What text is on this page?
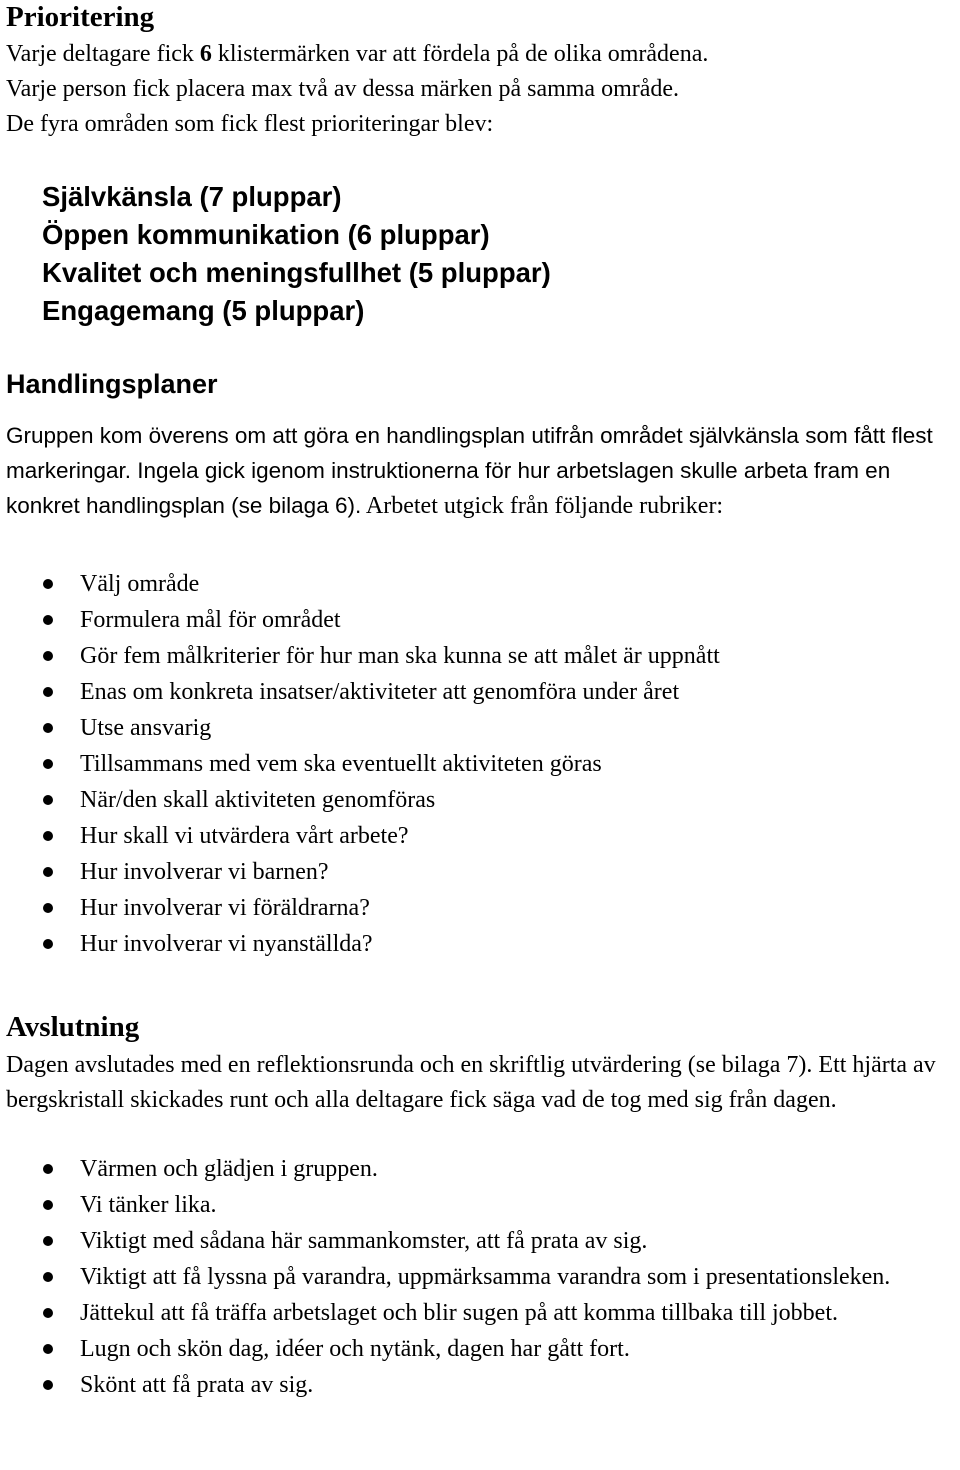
Prioritering

Varje deltagare fick 6 klistermärken var att fördela på de olika områdena.

Varje person fick placera max två av dessa märken på samma område.

De fyra områden som fick flest prioriteringar blev:

Självkänsla (7 pluppar)
Öppen kommunikation (6 pluppar)
Kvalitet och meningsfullhet (5 pluppar)
Engagemang (5 pluppar)
Handlingsplaner

Gruppen kom överens om att göra en handlingsplan utifrån området självkänsla som fått flest markeringar. Ingela gick igenom instruktionerna för hur arbetslagen skulle arbeta fram en konkret handlingsplan (se bilaga 6). Arbetet utgick från följande rubriker:

Välj område
Formulera mål för området
Gör fem målkriterier för hur man ska kunna se att målet är uppnått
Enas om konkreta insatser/aktiviteter att genomföra under året
Utse ansvarig
Tillsammans med vem ska eventuellt aktiviteten göras
När/den skall aktiviteten genomföras
Hur skall vi utvärdera vårt arbete?
Hur involverar vi barnen?
Hur involverar vi föräldrarna?
Hur involverar vi nyanställda?
Avslutning

Dagen avslutades med en reflektionsrunda och en skriftlig utvärdering (se bilaga 7). Ett hjärta av bergskristall skickades runt och alla deltagare fick säga vad de tog med sig från dagen.

Värmen och glädjen i gruppen.
Vi tänker lika.
Viktigt med sådana här sammankomster, att få prata av sig.
Viktigt att få lyssna på varandra, uppmärksamma varandra som i presentationsleken.
Jättekul att få träffa arbetslaget och blir sugen på att komma tillbaka till jobbet.
Lugn och skön dag, idéer och nytänk, dagen har gått fort.
Skönt att få prata av sig.
